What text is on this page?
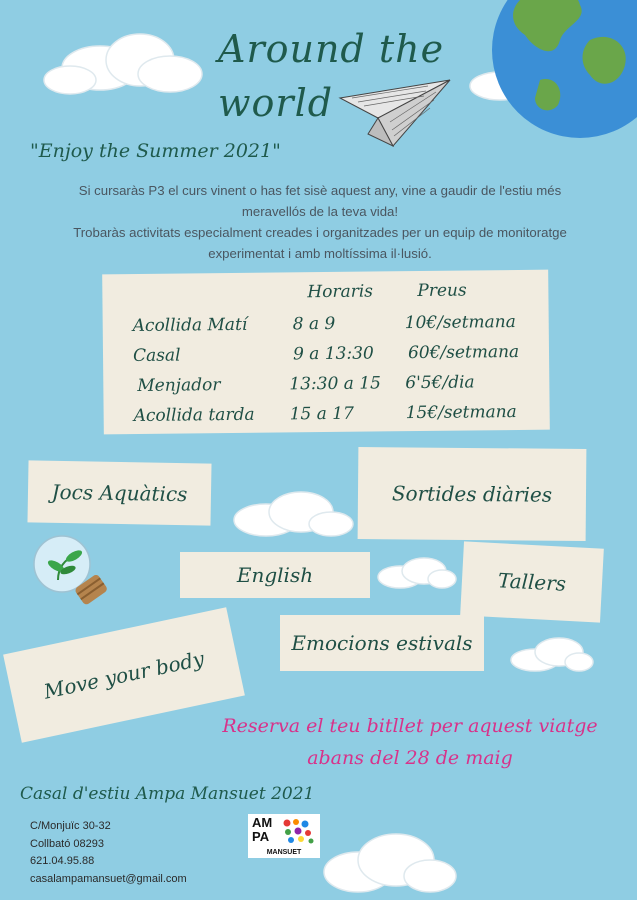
Around the
world
"Enjoy the Summer 2021"
Si cursaràs P3 el curs vinent o has fet sisè aquest any, vine a gaudir de l'estiu més
meravellós de la teva vida!
Trobaràs activitats especialment creades i organitzades per un equip de monitoratge
experimentat i amb moltíssima il·lusió.
Horaris	Preus
Acollida Matí	8 a 9	10€/setmana
Casal	9 a 13:30 60€/setmana
Menjador	13:30 a 15 6'5€/dia
Acollida tarda 15 a 17	15€/setmana
Jocs Aquàtics	Sortides diàries
English	Tallers
Emocions estivals
Move your body
Reserva el teu bitllet per aquest viatge
abans del 28 de maig
Casal d'estiu Ampa Mansuet 2021
C/Monjuïc 30-32
Collbató 08293
621.04.95.88
casalampamansuet@gmail.com
AM
PA
MANSUET
